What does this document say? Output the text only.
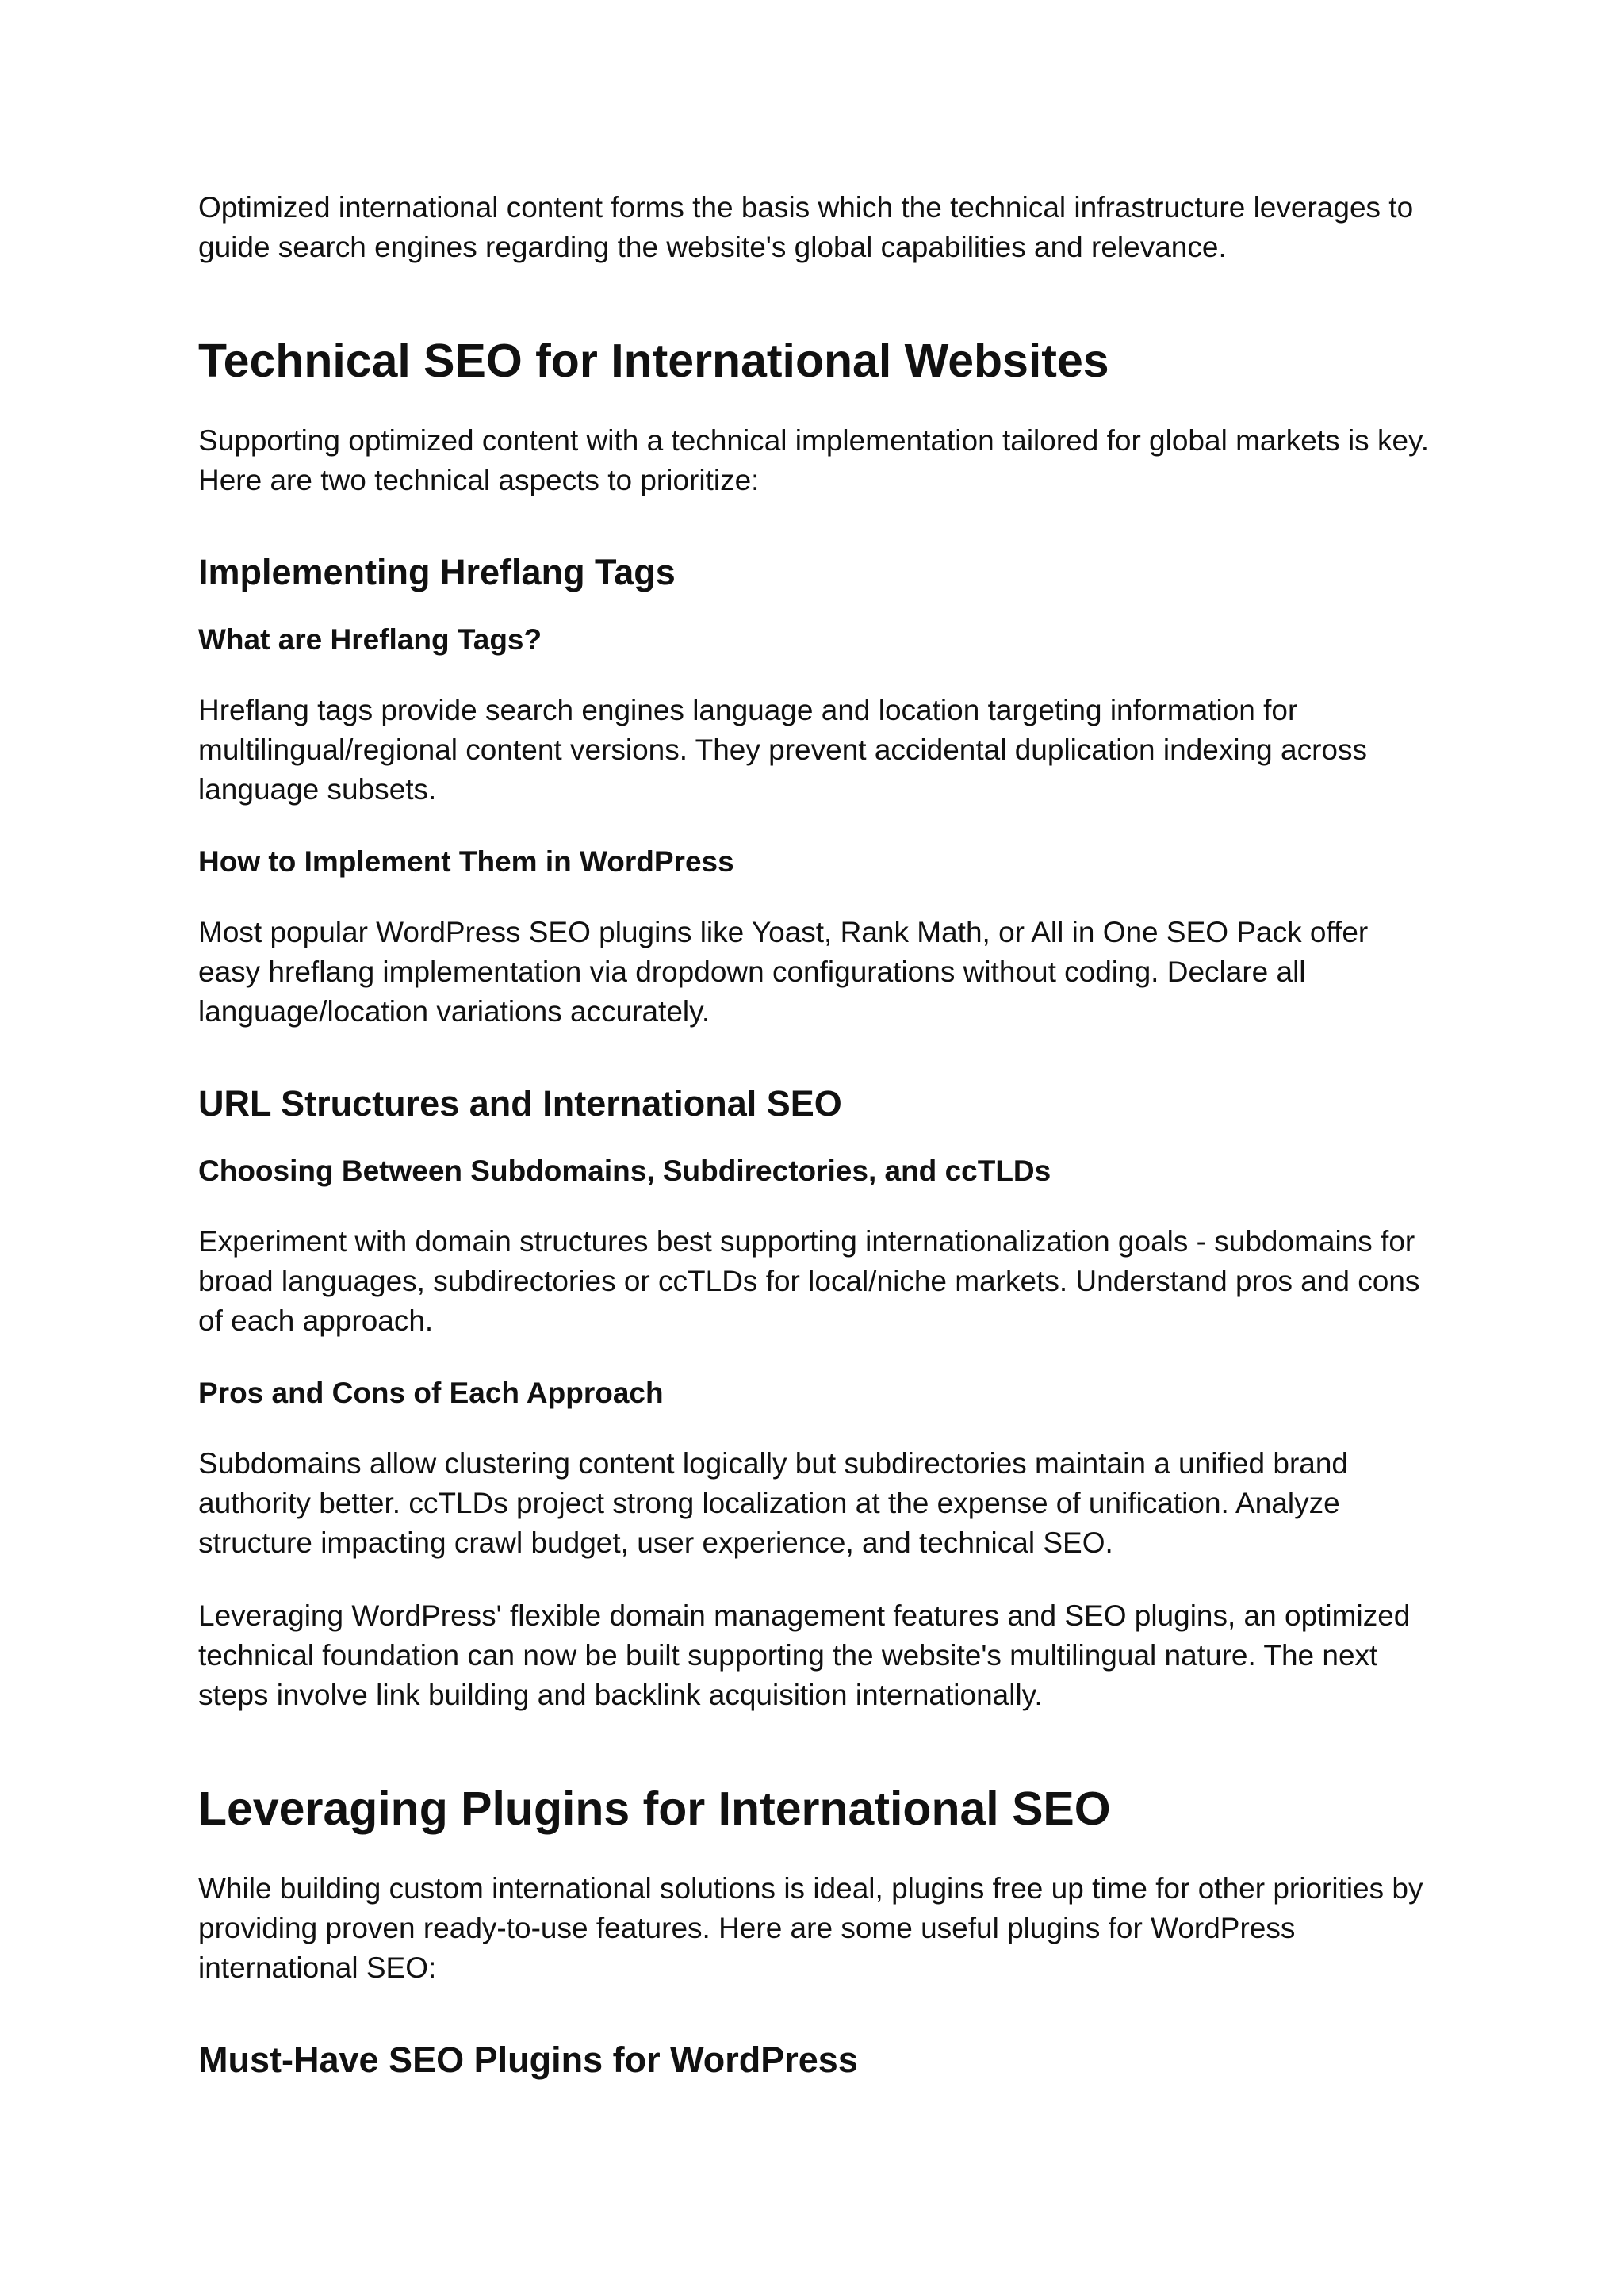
Optimized international content forms the basis which the technical infrastructure leverages to guide search engines regarding the website's global capabilities and relevance.

Technical SEO for International Websites

Supporting optimized content with a technical implementation tailored for global markets is key. Here are two technical aspects to prioritize:

Implementing Hreflang Tags
What are Hreflang Tags?

Hreflang tags provide search engines language and location targeting information for multilingual/regional content versions. They prevent accidental duplication indexing across language subsets.

How to Implement Them in WordPress

Most popular WordPress SEO plugins like Yoast, Rank Math, or All in One SEO Pack offer easy hreflang implementation via dropdown configurations without coding. Declare all language/location variations accurately.

URL Structures and International SEO
Choosing Between Subdomains, Subdirectories, and ccTLDs

Experiment with domain structures best supporting internationalization goals - subdomains for broad languages, subdirectories or ccTLDs for local/niche markets. Understand pros and cons of each approach.

Pros and Cons of Each Approach

Subdomains allow clustering content logically but subdirectories maintain a unified brand authority better. ccTLDs project strong localization at the expense of unification. Analyze structure impacting crawl budget, user experience, and technical SEO.

Leveraging WordPress' flexible domain management features and SEO plugins, an optimized technical foundation can now be built supporting the website's multilingual nature. The next steps involve link building and backlink acquisition internationally.

Leveraging Plugins for International SEO

While building custom international solutions is ideal, plugins free up time for other priorities by providing proven ready-to-use features. Here are some useful plugins for WordPress international SEO:

Must-Have SEO Plugins for WordPress
